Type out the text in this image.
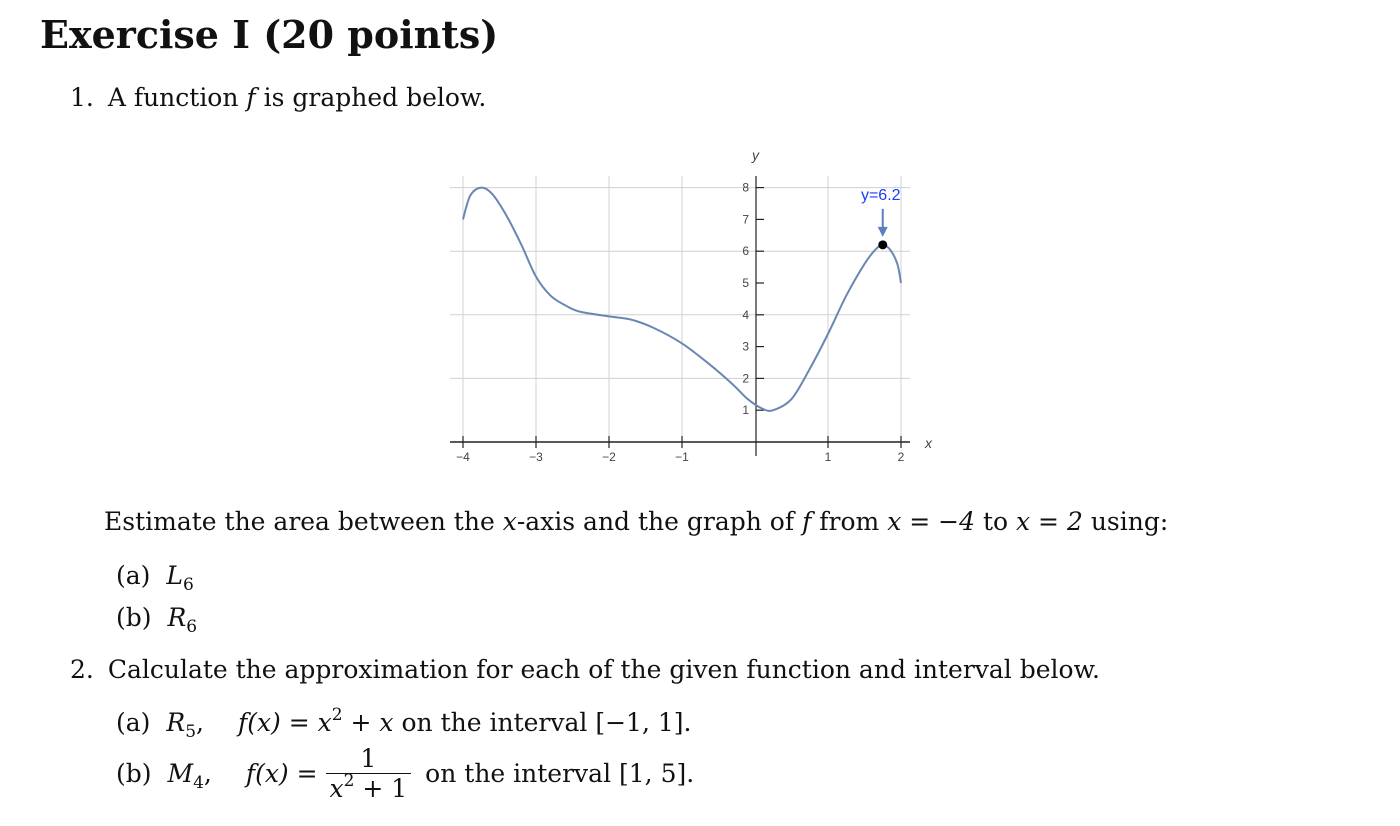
Exercise I (20 points)
1. A function f is graphed below.
−4	−3	−2	−1	1	2
1
2
3
4
5
6
7
8
x
y
y=6.2
Estimate the area between the x-axis and the graph of f from x = −4 to x = 2 using:
(a) $L_6$
(b) $R_6$
2. Calculate the approximation for each of the given function and interval below.
(a) $R_5$, $f(x) = x^2 + x$ on the interval [−1, 1].
(b) $M_4$, $f(x) = \frac{1}{x^2 + 1}$ on the interval [1, 5].
